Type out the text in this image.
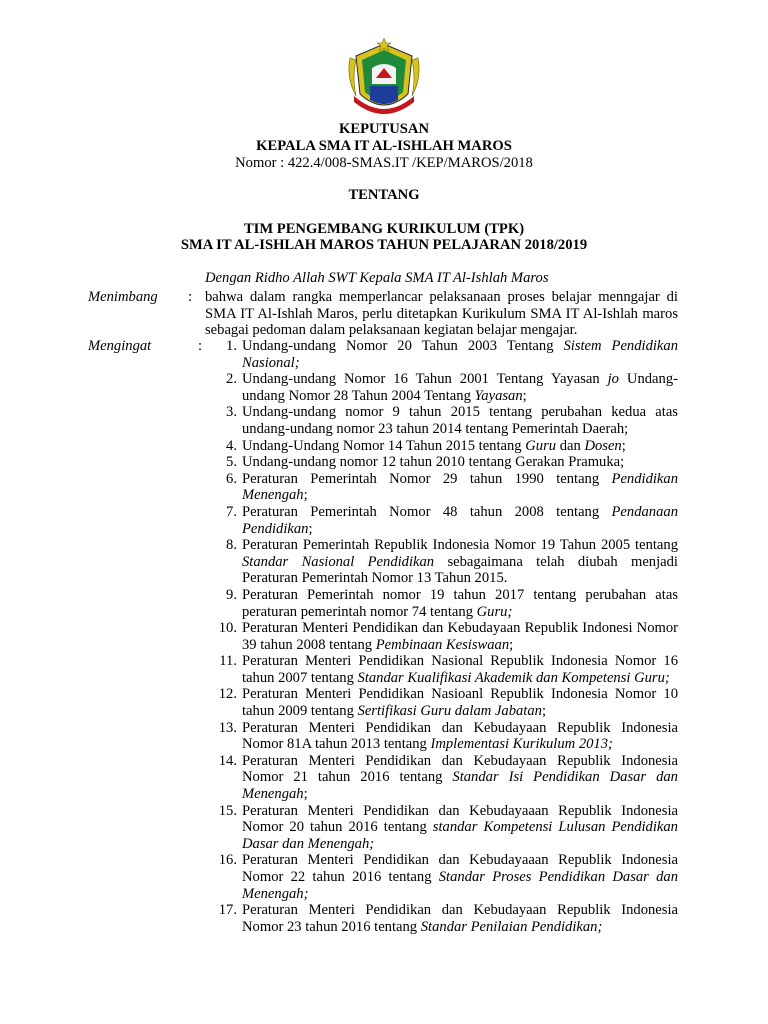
KEPUTUSAN
KEPALA SMA IT AL-ISHLAH MAROS
Nomor : 422.4/008-SMAS.IT /KEP/MAROS/2018
TENTANG
TIM PENGEMBANG KURIKULUM (TPK)
SMA IT AL-ISHLAH MAROS TAHUN PELAJARAN 2018/2019
Dengan Ridho Allah SWT Kepala SMA IT Al-Ishlah Maros
Menimbang : bahwa dalam rangka memperlancar pelaksanaan proses belajar menngajar di SMA IT Al-Ishlah Maros, perlu ditetapkan Kurikulum SMA IT Al-Ishlah maros sebagai pedoman dalam pelaksanaan kegiatan belajar mengajar.
Mengingat	:	1. Undang-undang Nomor 20 Tahun 2003 Tentang Sistem Pendidikan Nasional;
2. Undang-undang Nomor 16 Tahun 2001 Tentang Yayasan jo Undang-undang Nomor 28 Tahun 2004 Tentang Yayasan;
3. Undang-undang nomor 9 tahun 2015 tentang perubahan kedua atas undang-undang nomor 23 tahun 2014 tentang Pemerintah Daerah;
4. Undang-Undang Nomor 14 Tahun 2015 tentang Guru dan Dosen;
5. Undang-undang nomor 12 tahun 2010 tentang Gerakan Pramuka;
6. Peraturan Pemerintah Nomor 29 tahun 1990 tentang Pendidikan Menengah;
7. Peraturan Pemerintah Nomor 48 tahun 2008 tentang Pendanaan Pendidikan;
8. Peraturan Pemerintah Republik Indonesia Nomor 19 Tahun 2005 tentang Standar Nasional Pendidikan sebagaimana telah diubah menjadi Peraturan Pemerintah Nomor 13 Tahun 2015.
9. Peraturan Pemerintah nomor 19 tahun 2017 tentang perubahan atas peraturan pemerintah nomor 74 tentang Guru;
10. Peraturan Menteri Pendidikan dan Kebudayaan Republik Indonesi Nomor 39 tahun 2008 tentang Pembinaan Kesiswaan;
11. Peraturan Menteri Pendidikan Nasional Republik Indonesia Nomor 16 tahun 2007 tentang Standar Kualifikasi Akademik dan Kompetensi Guru;
12. Peraturan Menteri Pendidikan Nasioanl Republik Indonesia Nomor 10 tahun 2009 tentang Sertifikasi Guru dalam Jabatan;
13. Peraturan Menteri Pendidikan dan Kebudayaan Republik Indonesia Nomor 81A tahun 2013 tentang Implementasi Kurikulum 2013;
14. Peraturan Menteri Pendidikan dan Kebudayaan Republik Indonesia Nomor 21 tahun 2016 tentang Standar Isi Pendidikan Dasar dan Menengah;
15. Peraturan Menteri Pendidikan dan Kebudayaaan Republik Indonesia Nomor 20 tahun 2016 tentang standar Kompetensi Lulusan Pendidikan Dasar dan Menengah;
16. Peraturan Menteri Pendidikan dan Kebudayaaan Republik Indonesia Nomor 22 tahun 2016 tentang Standar Proses Pendidikan Dasar dan Menengah;
17. Peraturan Menteri Pendidikan dan Kebudayaan Republik Indonesia Nomor 23 tahun 2016 tentang Standar Penilaian Pendidikan;
